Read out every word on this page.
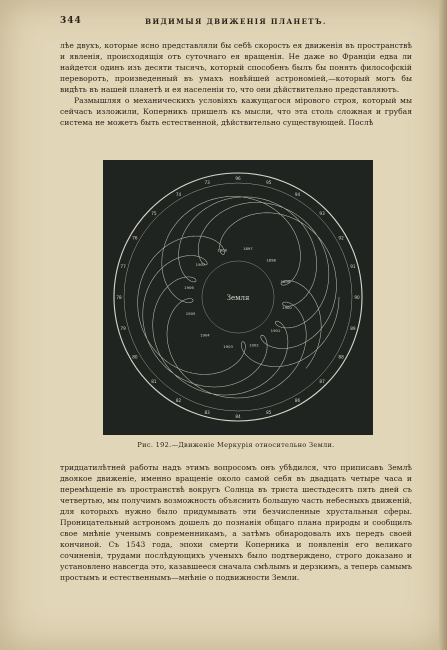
344	ВИДИМЫЯ ДВИЖЕНІЯ ПЛАНЕТЪ.

лѣе двухъ, которые ясно представляли бы себѣ скорость ея движенія въ пространствѣ и явленія, происходящія отъ суточнаго ея вращенія. Не даже во Франціи едва ли найдется одинъ изъ десяти тысячъ, который способенъ былъ бы понять философскій переворотъ, произведенный въ умахъ новѣйшей астрономіей,—который могъ бы видѣть въ нашей планетѣ и ея населеніи то, что они дѣйствительно представляютъ.

Размышляя о механическихъ условіяхъ кажущагося мірового строя, который мы сейчасъ изложили, Коперникъ пришелъ къ мысли, что эта столь сложная и грубая система не можетъ быть естественной, дѣйствительно существующей. Послѣ

96
95
94
93
92
91
90
89
88
87
86
85
84
83
82
81
80
79
78
77
76
75
74
73
1897
1898
1899
1900
1901
1902
1903
1904
1905
1906
1907
1908
Земля
Рис. 192.—Движеніе Меркурія относительно Земли.

тридцатилѣтней работы надъ этимъ вопросомъ онъ убѣдился, что приписавъ Землѣ двоякое движеніе, именно вращеніе около самой себя въ двадцать четыре часа и перемѣщеніе въ пространствѣ вокругъ Солнца въ триста шестьдесятъ пять дней съ четвертью, мы получимъ возможность объяснить большую часть небесныхъ движеній, для которыхъ нужно было придумывать эти безчисленные хрустальныя сферы. Проницательный астрономъ дошелъ до познанія общаго плана природы и сообщилъ свое мнѣніе ученымъ современникамъ, а затѣмъ обнародовалъ ихъ передъ своей кончиной. Съ 1543 года, эпохи смерти Коперника и появленія его великаго сочиненія, трудами послѣдующихъ ученыхъ было подтверждено, строго доказано и установлено навсегда это, казавшееся сначала смѣлымъ и дерзкимъ, а теперь самымъ простымъ и естественнымъ—мнѣніе о подвижности Земли.
